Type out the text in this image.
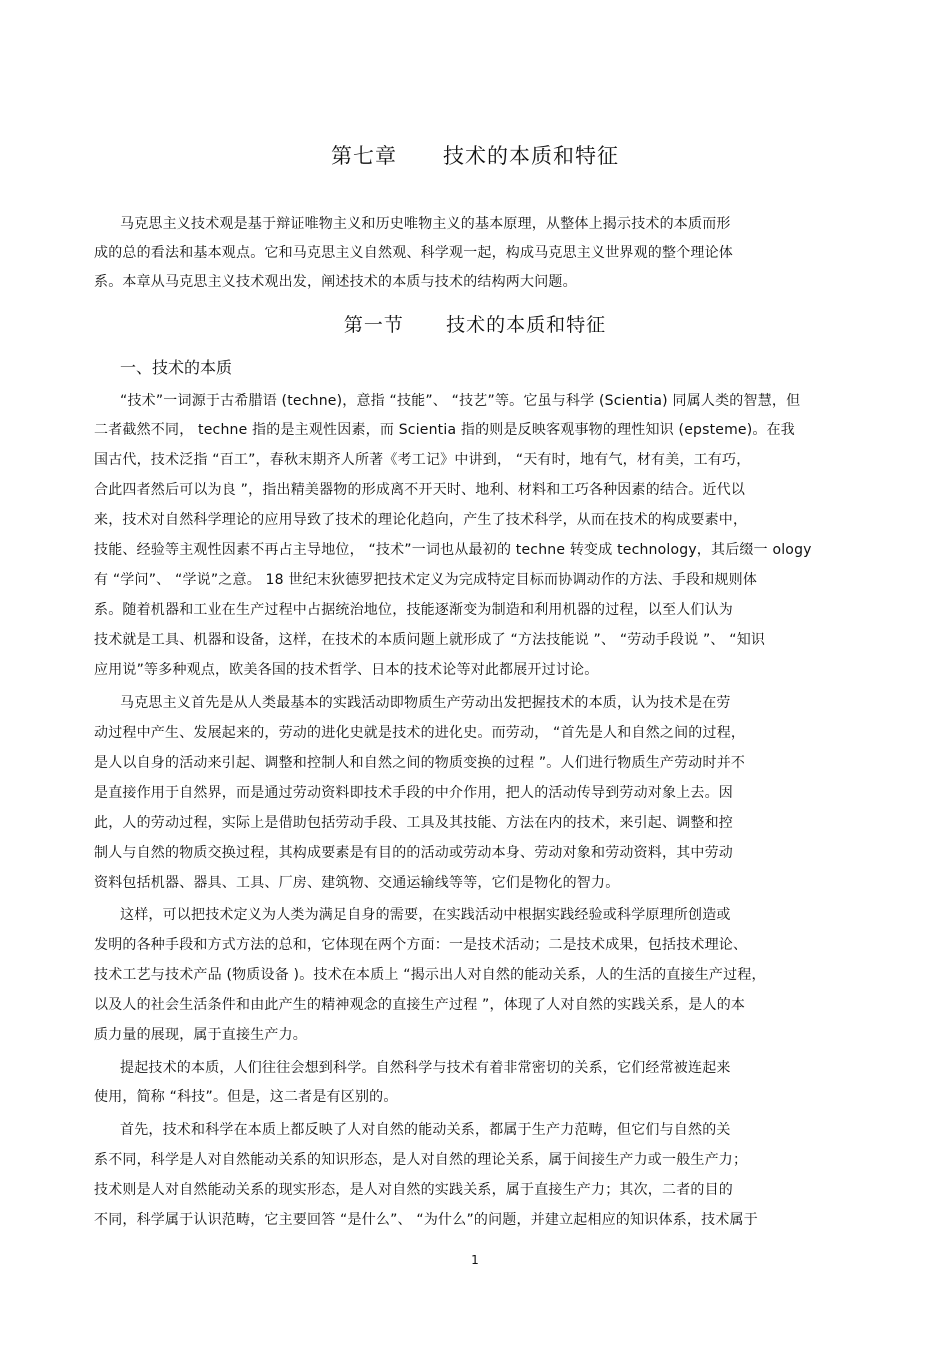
第七章      技术的本质和特征
马克思主义技术观是基于辩证唯物主义和历史唯物主义的基本原理，从整体上揭示技术的本质而形
成的总的看法和基本观点。它和马克思主义自然观、科学观一起，构成马克思主义世界观的整个理论体
系。本章从马克思主义技术观出发，阐述技术的本质与技术的结构两大问题。
第一节      技术的本质和特征
一、技术的本质
“技术”一词源于古希腊语 (techne)，意指 “技能”、 “技艺”等。它虽与科学 (Scientia) 同属人类的智慧，但
二者截然不同， techne 指的是主观性因素，而 Scientia 指的则是反映客观事物的理性知识 (epsteme)。在我
国古代，技术泛指 “百工”，春秋末期齐人所著《考工记》中讲到， “天有时，地有气，材有美，工有巧，
合此四者然后可以为良 ”，指出精美器物的形成离不开天时、地利、材料和工巧各种因素的结合。近代以
来，技术对自然科学理论的应用导致了技术的理论化趋向，产生了技术科学，从而在技术的构成要素中，
技能、经验等主观性因素不再占主导地位， “技术”一词也从最初的 techne 转变成 technology，其后缀一 ology
有 “学问”、 “学说”之意。 18 世纪末狄德罗把技术定义为完成特定目标而协调动作的方法、手段和规则体
系。随着机器和工业在生产过程中占据统治地位，技能逐渐变为制造和利用机器的过程，以至人们认为
技术就是工具、机器和设备，这样，在技术的本质问题上就形成了 “方法技能说 ”、 “劳动手段说 ”、 “知识
应用说”等多种观点，欧美各国的技术哲学、日本的技术论等对此都展开过讨论。
马克思主义首先是从人类最基本的实践活动即物质生产劳动出发把握技术的本质，认为技术是在劳
动过程中产生、发展起来的，劳动的进化史就是技术的进化史。而劳动， “首先是人和自然之间的过程，
是人以自身的活动来引起、调整和控制人和自然之间的物质变换的过程 ”。人们进行物质生产劳动时并不
是直接作用于自然界，而是通过劳动资料即技术手段的中介作用，把人的活动传导到劳动对象上去。因
此，人的劳动过程，实际上是借助包括劳动手段、工具及其技能、方法在内的技术，来引起、调整和控
制人与自然的物质交换过程，其构成要素是有目的的活动或劳动本身、劳动对象和劳动资料，其中劳动
资料包括机器、器具、工具、厂房、建筑物、交通运输线等等，它们是物化的智力。
这样，可以把技术定义为人类为满足自身的需要，在实践活动中根据实践经验或科学原理所创造或
发明的各种手段和方式方法的总和，它体现在两个方面：一是技术活动；二是技术成果，包括技术理论、
技术工艺与技术产品 (物质设备 )。技术在本质上 “揭示出人对自然的能动关系，人的生活的直接生产过程，
以及人的社会生活条件和由此产生的精神观念的直接生产过程 ”，体现了人对自然的实践关系，是人的本
质力量的展现，属于直接生产力。
提起技术的本质，人们往往会想到科学。自然科学与技术有着非常密切的关系，它们经常被连起来
使用，简称 “科技”。但是，这二者是有区别的。
首先，技术和科学在本质上都反映了人对自然的能动关系，都属于生产力范畴，但它们与自然的关
系不同，科学是人对自然能动关系的知识形态，是人对自然的理论关系，属于间接生产力或一般生产力；
技术则是人对自然能动关系的现实形态，是人对自然的实践关系，属于直接生产力；其次，二者的目的
不同，科学属于认识范畴，它主要回答 “是什么”、 “为什么”的问题，并建立起相应的知识体系，技术属于
1
